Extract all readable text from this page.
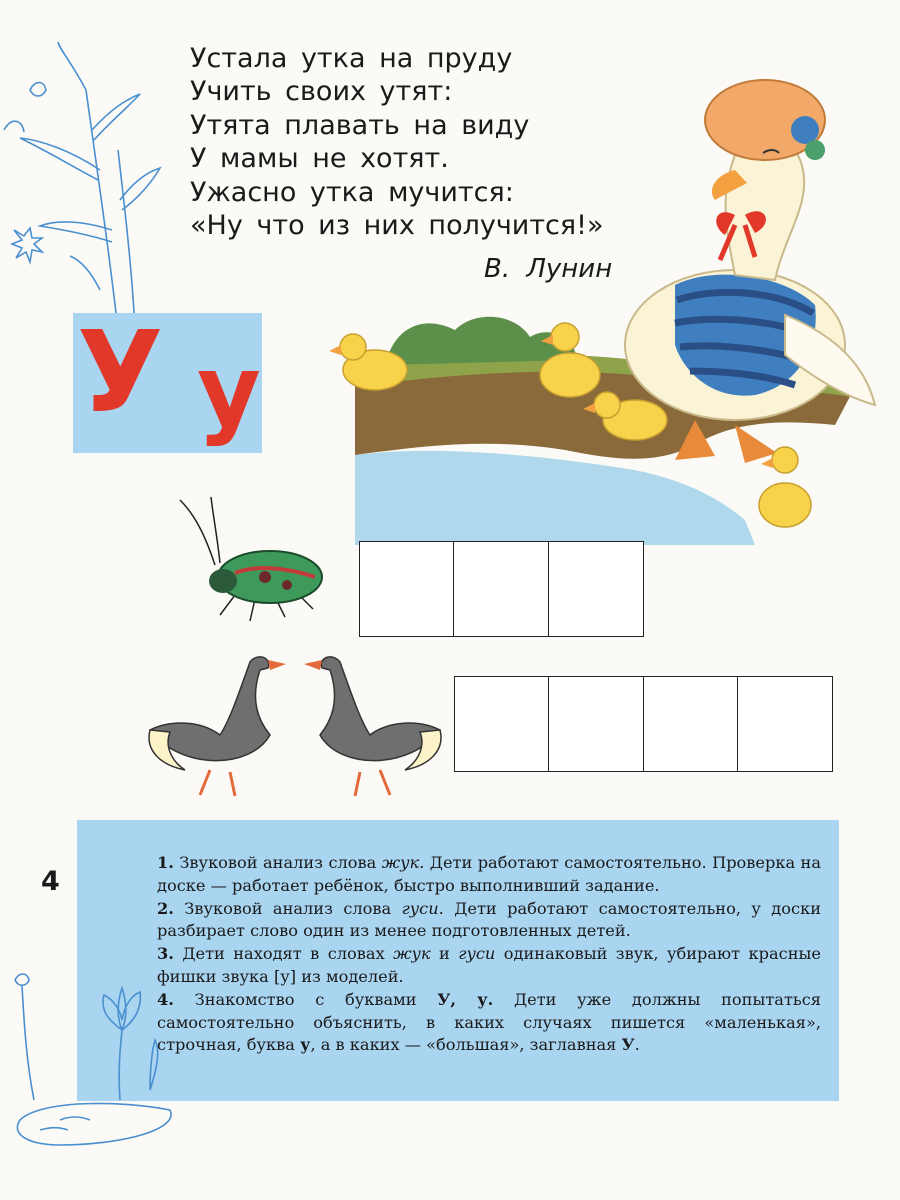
Устала утка на пруду
Учить своих утят:
Утята плавать на виду
У мамы не хотят.
Ужасно утка мучится:
«Ну что из них получится!»
В. Лунин
У у
4

1. Звуковой анализ слова жук. Дети работают самостоятельно. Проверка на доске — работает ребёнок, быстро выполнивший задание.

2. Звуковой анализ слова гуси. Дети работают самостоятельно, у доски разбирает слово один из менее подготовленных детей.

3. Дети находят в словах жук и гуси одинаковый звук, убирают красные фишки звука [у] из моделей.

4. Знакомство с буквами У, у. Дети уже должны попытаться самостоятельно объяснить, в каких случаях пишется «маленькая», строчная, буква у, а в каких — «большая», заглавная У.
